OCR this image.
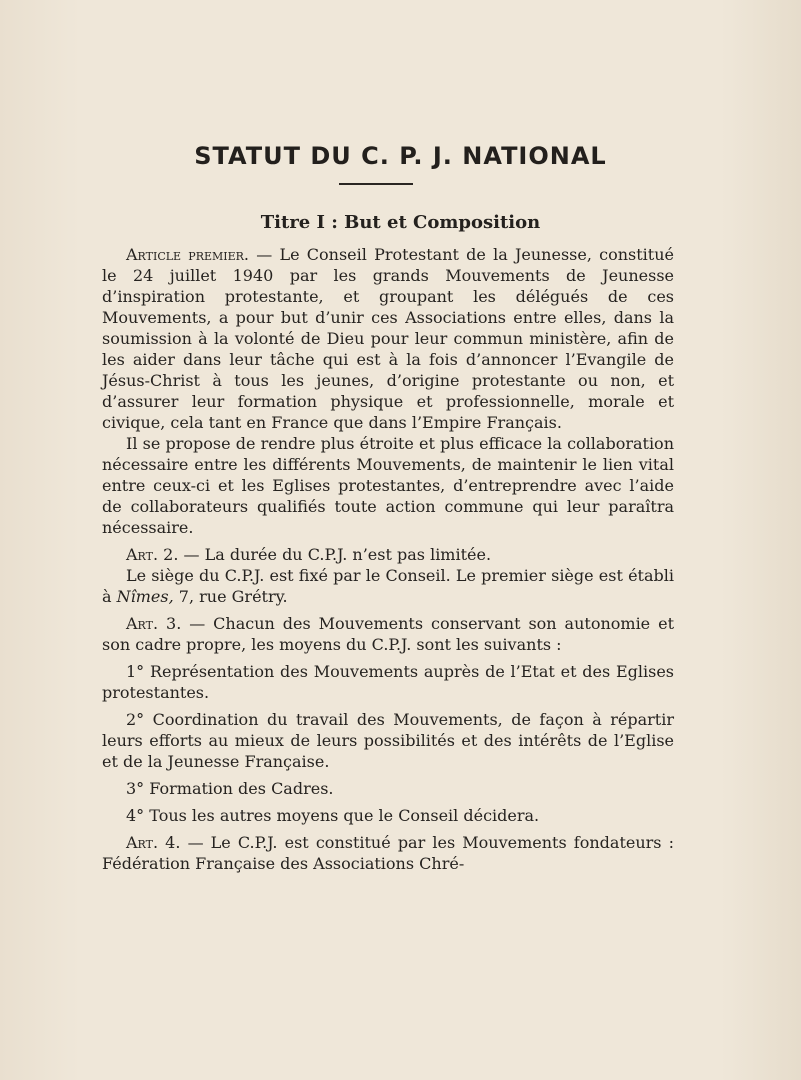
STATUT DU C. P. J. NATIONAL
Titre I : But et Composition

Article premier. — Le Conseil Protestant de la Jeunesse, constitué le 24 juillet 1940 par les grands Mouvements de Jeunesse d’inspiration protestante, et groupant les délégués de ces Mouvements, a pour but d’unir ces Associations entre elles, dans la soumission à la volonté de Dieu pour leur commun ministère, afin de les aider dans leur tâche qui est à la fois d’annoncer l’Evangile de Jésus-Christ à tous les jeunes, d’origine protestante ou non, et d’assurer leur formation physique et professionnelle, morale et civique, cela tant en France que dans l’Empire Français.

Il se propose de rendre plus étroite et plus efficace la collaboration nécessaire entre les différents Mouvements, de maintenir le lien vital entre ceux-ci et les Eglises protestantes, d’entreprendre avec l’aide de collaborateurs qualifiés toute action commune qui leur paraîtra nécessaire.

Art. 2. — La durée du C.P.J. n’est pas limitée.

Le siège du C.P.J. est fixé par le Conseil. Le premier siège est établi à Nîmes, 7, rue Grétry.

Art. 3. — Chacun des Mouvements conservant son autonomie et son cadre propre, les moyens du C.P.J. sont les suivants :

1° Représentation des Mouvements auprès de l’Etat et des Eglises protestantes.

2° Coordination du travail des Mouvements, de façon à répartir leurs efforts au mieux de leurs possibilités et des intérêts de l’Eglise et de la Jeunesse Française.

3° Formation des Cadres.

4° Tous les autres moyens que le Conseil décidera.

Art. 4. — Le C.P.J. est constitué par les Mouvements fondateurs : Fédération Française des Associations Chré-
